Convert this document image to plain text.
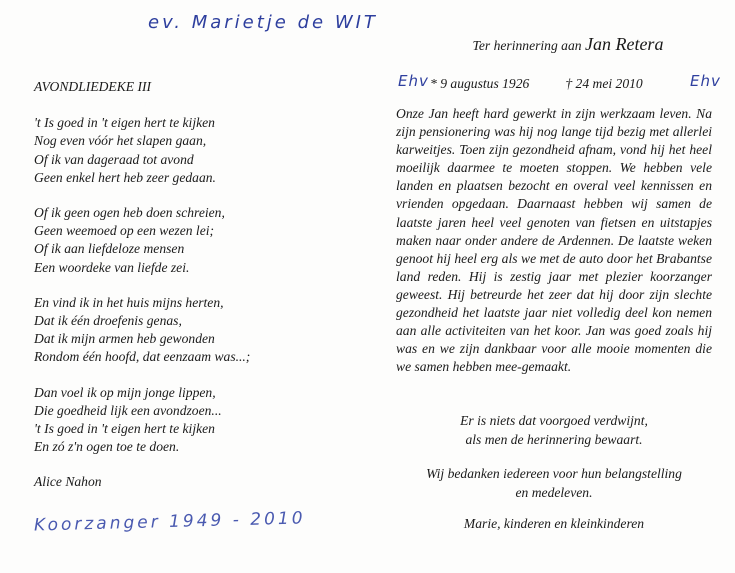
ev. Marietje de WIT
AVONDLIEDEKE III
't Is goed in 't eigen hert te kijken
Nog even vóór het slapen gaan,
Of ik van dageraad tot avond
Geen enkel hert heb zeer gedaan.
Of ik geen ogen heb doen schreien,
Geen weemoed op een wezen lei;
Of ik aan liefdeloze mensen
Een woordeke van liefde zei.
En vind ik in het huis mijns herten,
Dat ik één droefenis genas,
Dat ik mijn armen heb gewonden
Rondom één hoofd, dat eenzaam was...;
Dan voel ik op mijn jonge lippen,
Die goedheid lijk een avondzoen...
't Is goed in 't eigen hert te kijken
En zó z'n ogen toe te doen.
Alice Nahon
Koorzanger 1949 - 2010
Ter herinnering aan Jan Retera
* 9 augustus 1926	† 24 mei 2010
Onze Jan heeft hard gewerkt in zijn werkzaam leven. Na zijn pensionering was hij nog lange tijd bezig met allerlei karweitjes. Toen zijn gezondheid afnam, vond hij het heel moeilijk daarmee te moeten stoppen. We hebben vele landen en plaatsen bezocht en overal veel kennissen en vrienden opgedaan. Daarnaast hebben wij samen de laatste jaren heel veel genoten van fietsen en uitstapjes maken naar onder andere de Ardennen. De laatste weken genoot hij heel erg als we met de auto door het Brabantse land reden. Hij is zestig jaar met plezier koorzanger geweest. Hij betreurde het zeer dat hij door zijn slechte gezondheid het laatste jaar niet volledig deel kon nemen aan alle activiteiten van het koor. Jan was goed zoals hij was en we zijn dankbaar voor alle mooie momenten die we samen hebben mee-gemaakt.
Er is niets dat voorgoed verdwijnt,
als men de herinnering bewaart.
Wij bedanken iedereen voor hun belangstelling
en medeleven.
Marie, kinderen en kleinkinderen
Ehv	Ehv
